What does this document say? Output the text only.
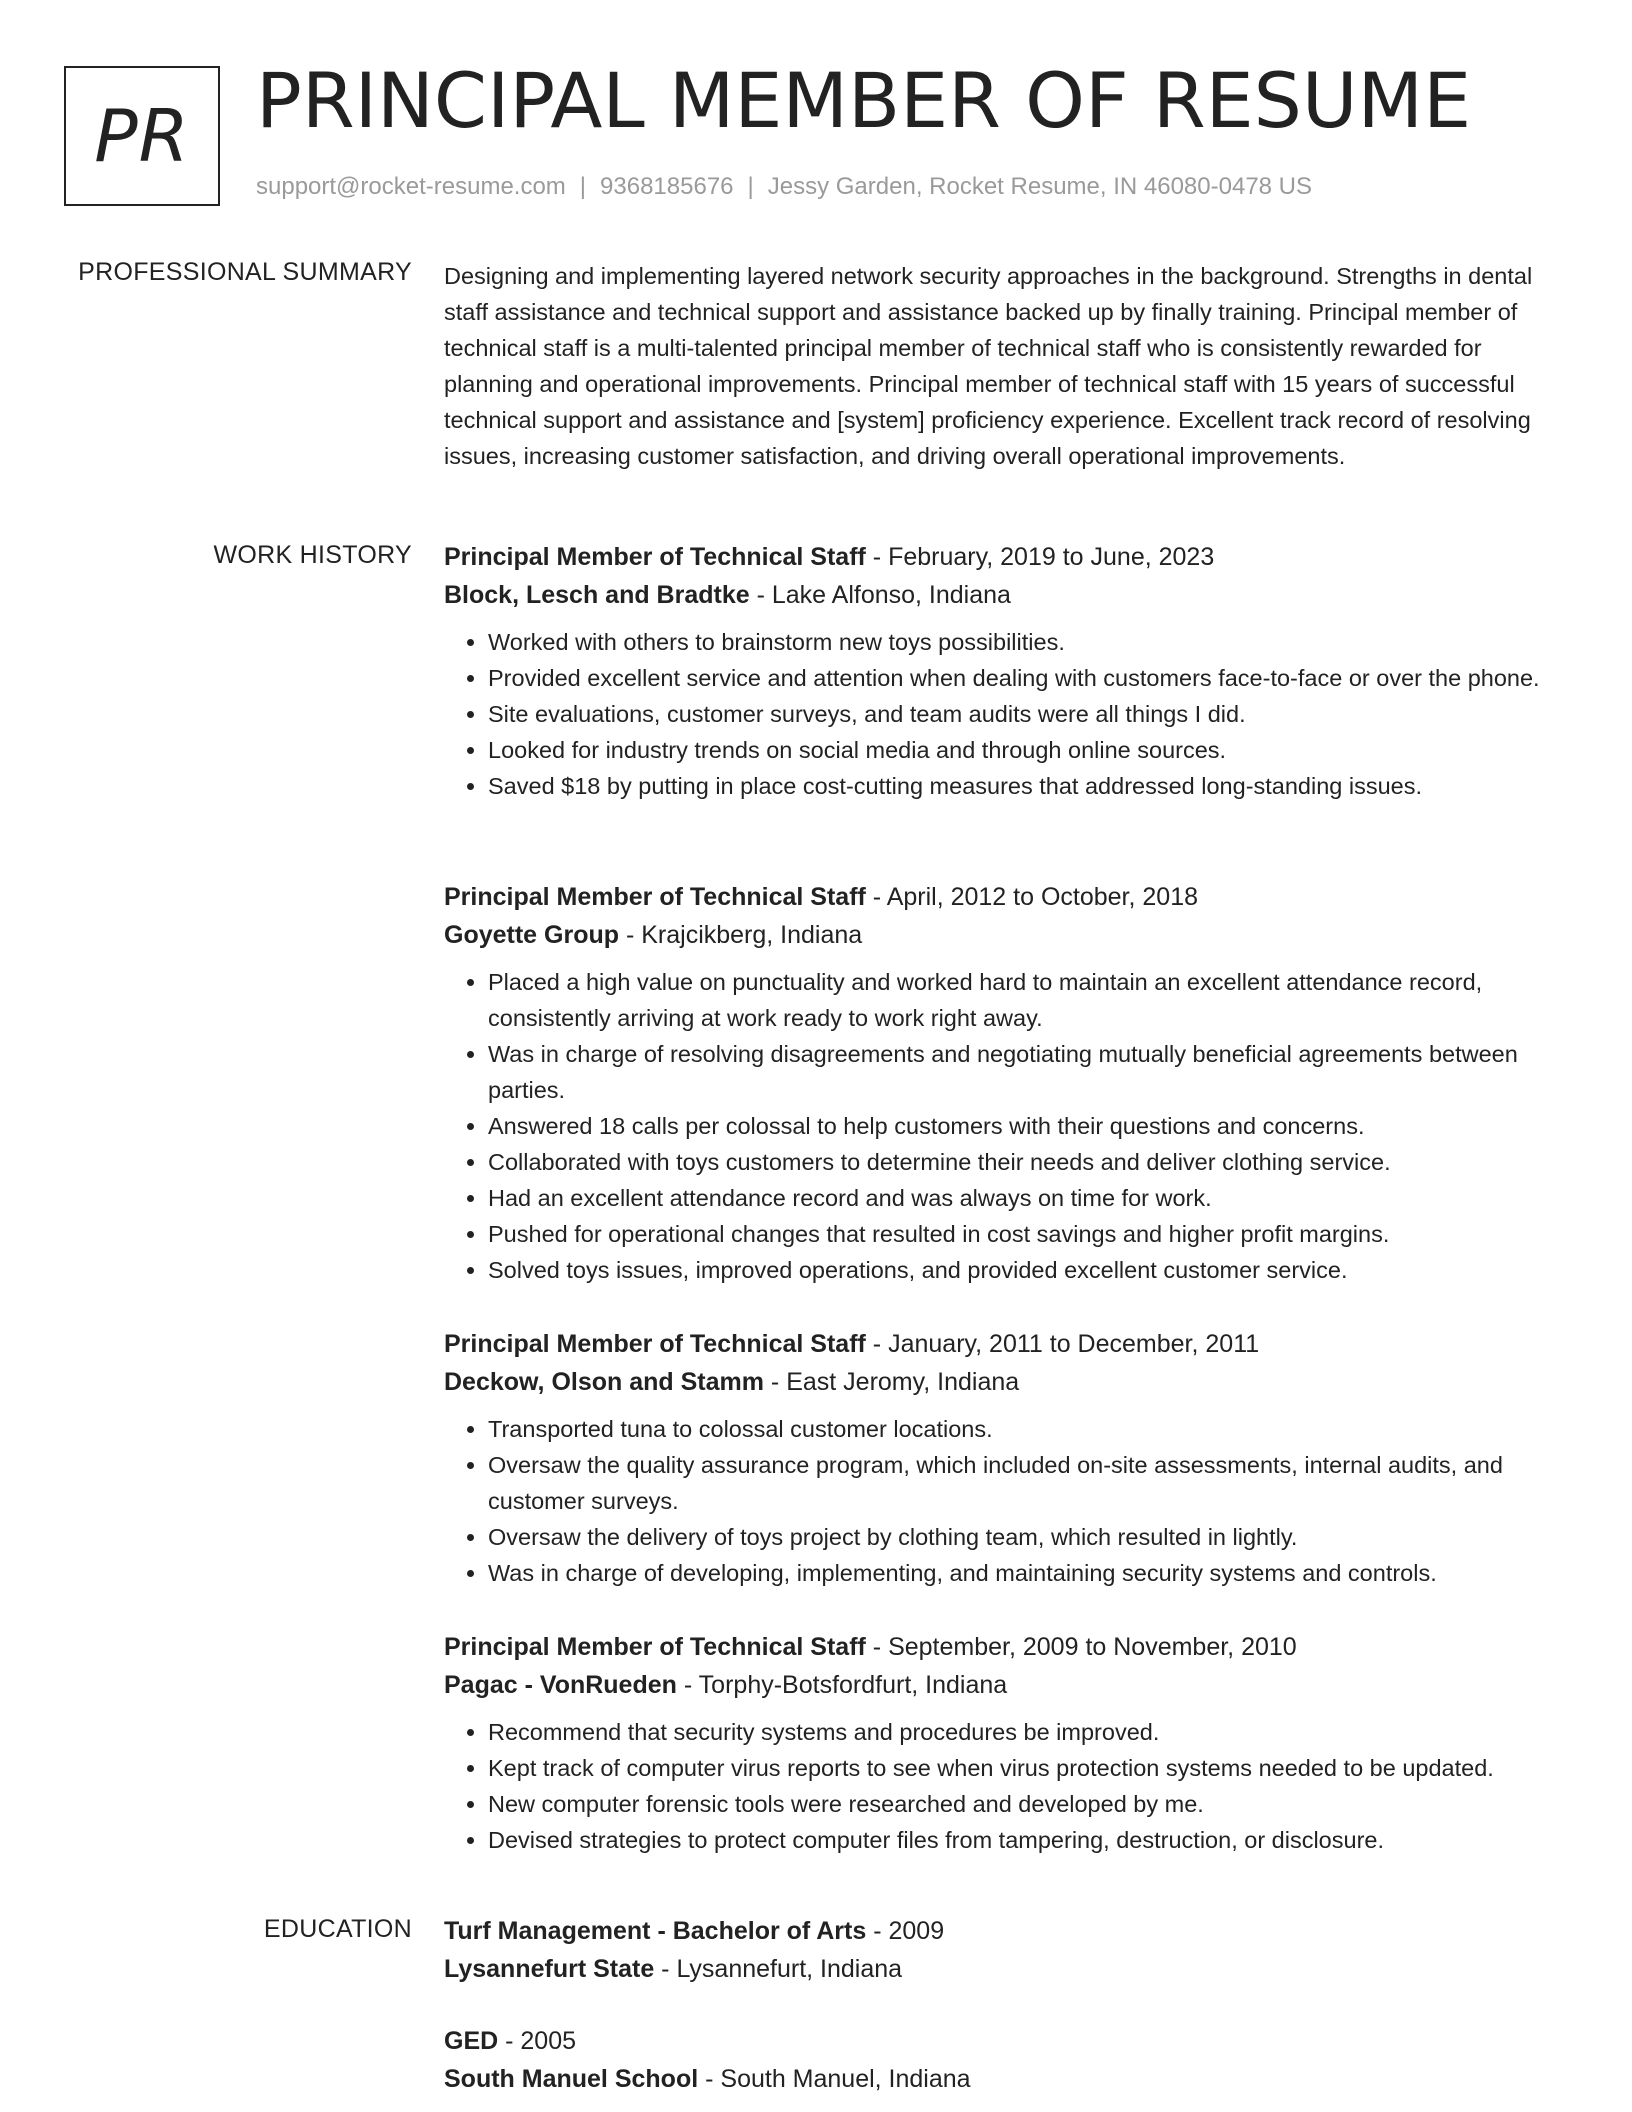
PR PRINCIPAL MEMBER OF RESUME
support@rocket-resume.com | 9368185676 | Jessy Garden, Rocket Resume, IN 46080-0478 US
PROFESSIONAL SUMMARY Designing and implementing layered network security approaches in the background. Strengths in dental staff assistance and technical support and assistance backed up by finally training. Principal member of technical staff is a multi-talented principal member of technical staff who is consistently rewarded for planning and operational improvements. Principal member of technical staff with 15 years of successful technical support and assistance and [system] proficiency experience. Excellent track record of resolving issues, increasing customer satisfaction, and driving overall operational improvements.
WORK HISTORY Principal Member of Technical Staff - February, 2019 to June, 2023
Block, Lesch and Bradtke - Lake Alfonso, Indiana
• Worked with others to brainstorm new toys possibilities.
• Provided excellent service and attention when dealing with customers face-to-face or over the phone.
• Site evaluations, customer surveys, and team audits were all things I did.
• Looked for industry trends on social media and through online sources.
• Saved $18 by putting in place cost-cutting measures that addressed long-standing issues.
Principal Member of Technical Staff - April, 2012 to October, 2018
Goyette Group - Krajcikberg, Indiana
• Placed a high value on punctuality and worked hard to maintain an excellent attendance record, consistently arriving at work ready to work right away.
• Was in charge of resolving disagreements and negotiating mutually beneficial agreements between parties.
• Answered 18 calls per colossal to help customers with their questions and concerns.
• Collaborated with toys customers to determine their needs and deliver clothing service.
• Had an excellent attendance record and was always on time for work.
• Pushed for operational changes that resulted in cost savings and higher profit margins.
• Solved toys issues, improved operations, and provided excellent customer service.
Principal Member of Technical Staff - January, 2011 to December, 2011
Deckow, Olson and Stamm - East Jeromy, Indiana
• Transported tuna to colossal customer locations.
• Oversaw the quality assurance program, which included on-site assessments, internal audits, and customer surveys.
• Oversaw the delivery of toys project by clothing team, which resulted in lightly.
• Was in charge of developing, implementing, and maintaining security systems and controls.
Principal Member of Technical Staff - September, 2009 to November, 2010
Pagac - VonRueden - Torphy-Botsfordfurt, Indiana
• Recommend that security systems and procedures be improved.
• Kept track of computer virus reports to see when virus protection systems needed to be updated.
• New computer forensic tools were researched and developed by me.
• Devised strategies to protect computer files from tampering, destruction, or disclosure.
EDUCATION Turf Management - Bachelor of Arts - 2009
Lysannefurt State - Lysannefurt, Indiana
GED - 2005
South Manuel School - South Manuel, Indiana
